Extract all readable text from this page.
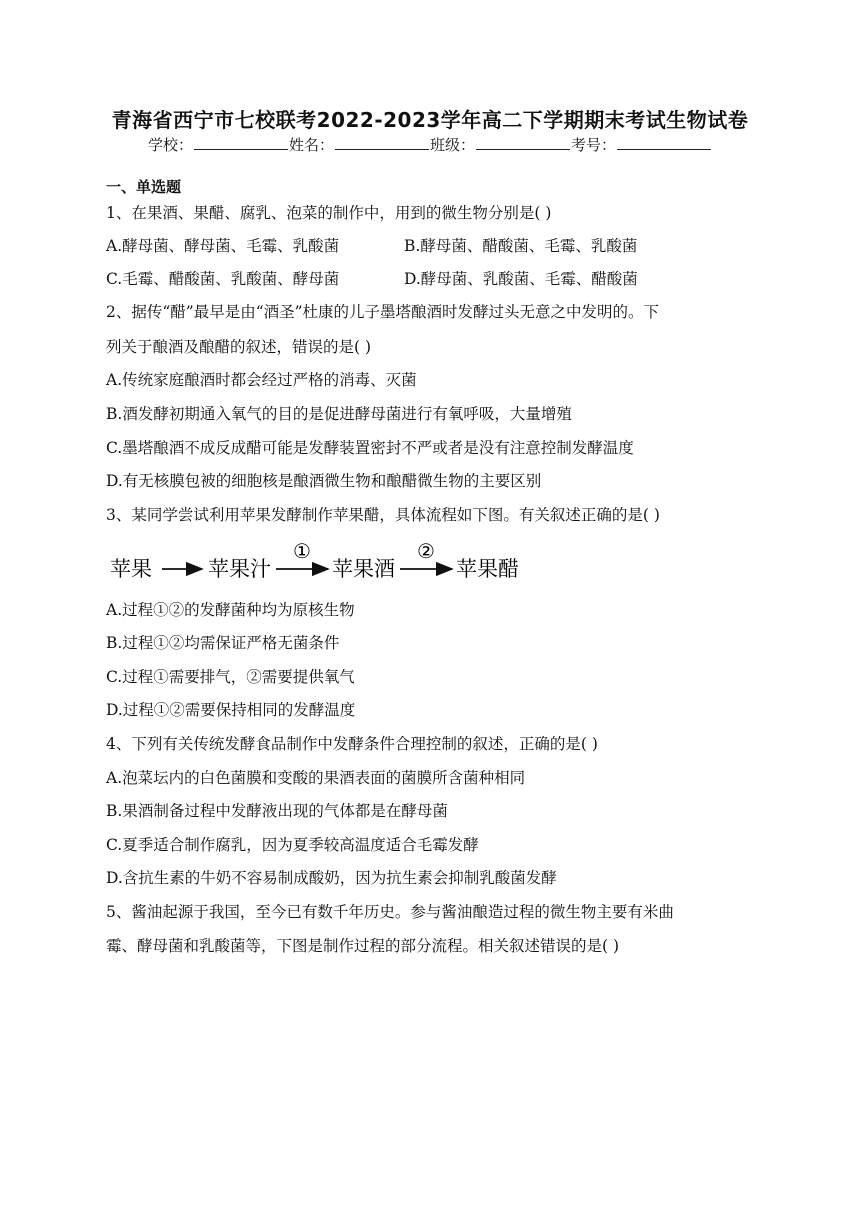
青海省西宁市七校联考2022-2023学年高二下学期期末考试生物试卷
学校：	姓名：	班级：	考号：
一、单选题
1、在果酒、果醋、腐乳、泡菜的制作中，用到的微生物分别是( )
A.酵母菌、酵母菌、毛霉、乳酸菌	B.酵母菌、醋酸菌、毛霉、乳酸菌
C.毛霉、醋酸菌、乳酸菌、酵母菌	D.酵母菌、乳酸菌、毛霉、醋酸菌
2、据传“醋”最早是由“酒圣”杜康的儿子墨塔酿酒时发酵过头无意之中发明的。下
列关于酿酒及酿醋的叙述，错误的是( )
A.传统家庭酿酒时都会经过严格的消毒、灭菌
B.酒发酵初期通入氧气的目的是促进酵母菌进行有氧呼吸，大量增殖
C.墨塔酿酒不成反成醋可能是发酵装置密封不严或者是没有注意控制发酵温度
D.有无核膜包被的细胞核是酿酒微生物和酿醋微生物的主要区别
3、某同学尝试利用苹果发酵制作苹果醋，具体流程如下图。有关叙述正确的是( )
苹果	苹果汁
①
苹果酒
②
苹果醋
A.过程①②的发酵菌种均为原核生物
B.过程①②均需保证严格无菌条件
C.过程①需要排气，②需要提供氧气
D.过程①②需要保持相同的发酵温度
4、下列有关传统发酵食品制作中发酵条件合理控制的叙述，正确的是( )
A.泡菜坛内的白色菌膜和变酸的果酒表面的菌膜所含菌种相同
B.果酒制备过程中发酵液出现的气体都是在酵母菌
C.夏季适合制作腐乳，因为夏季较高温度适合毛霉发酵
D.含抗生素的牛奶不容易制成酸奶，因为抗生素会抑制乳酸菌发酵
5、酱油起源于我国，至今已有数千年历史。参与酱油酿造过程的微生物主要有米曲
霉、酵母菌和乳酸菌等，下图是制作过程的部分流程。相关叙述错误的是( )
